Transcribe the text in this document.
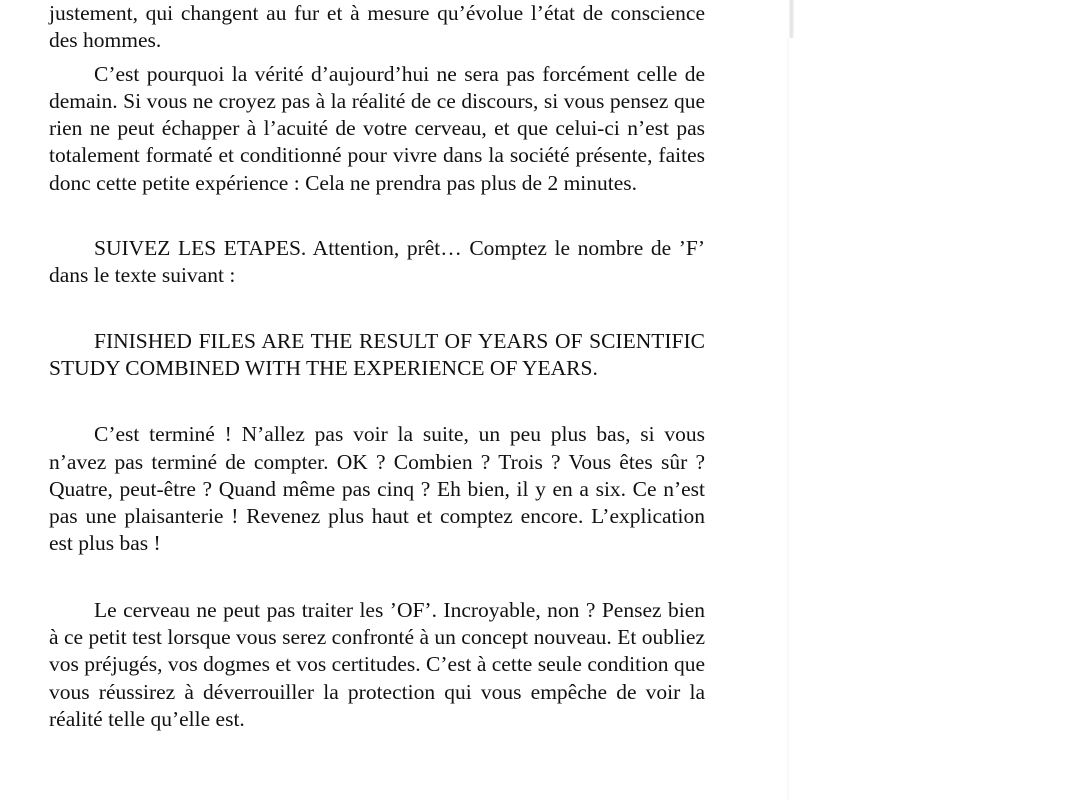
justement, qui changent au fur et à mesure qu’évolue l’état de conscience des hommes.

C’est pourquoi la vérité d’aujourd’hui ne sera pas forcément celle de demain. Si vous ne croyez pas à la réalité de ce discours, si vous pensez que rien ne peut échapper à l’acuité de votre cerveau, et que celui-ci n’est pas totalement formaté et conditionné pour vivre dans la société présente, faites donc cette petite expérience : Cela ne prendra pas plus de 2 minutes.

SUIVEZ LES ETAPES. Attention, prêt… Comptez le nombre de ’F’ dans le texte suivant :

FINISHED FILES ARE THE RESULT OF YEARS OF SCIENTIFIC STUDY COMBINED WITH THE EXPERIENCE OF YEARS.

C’est terminé ! N’allez pas voir la suite, un peu plus bas, si vous n’avez pas terminé de compter. OK ? Combien ? Trois ? Vous êtes sûr ? Quatre, peut-être ? Quand même pas cinq ? Eh bien, il y en a six. Ce n’est pas une plaisanterie ! Revenez plus haut et comptez encore. L’explication est plus bas !

Le cerveau ne peut pas traiter les ’OF’. Incroyable, non ? Pensez bien à ce petit test lorsque vous serez confronté à un concept nouveau. Et oubliez vos préjugés, vos dogmes et vos certitudes. C’est à cette seule condition que vous réussirez à déverrouiller la protection qui vous empêche de voir la réalité telle qu’elle est.
